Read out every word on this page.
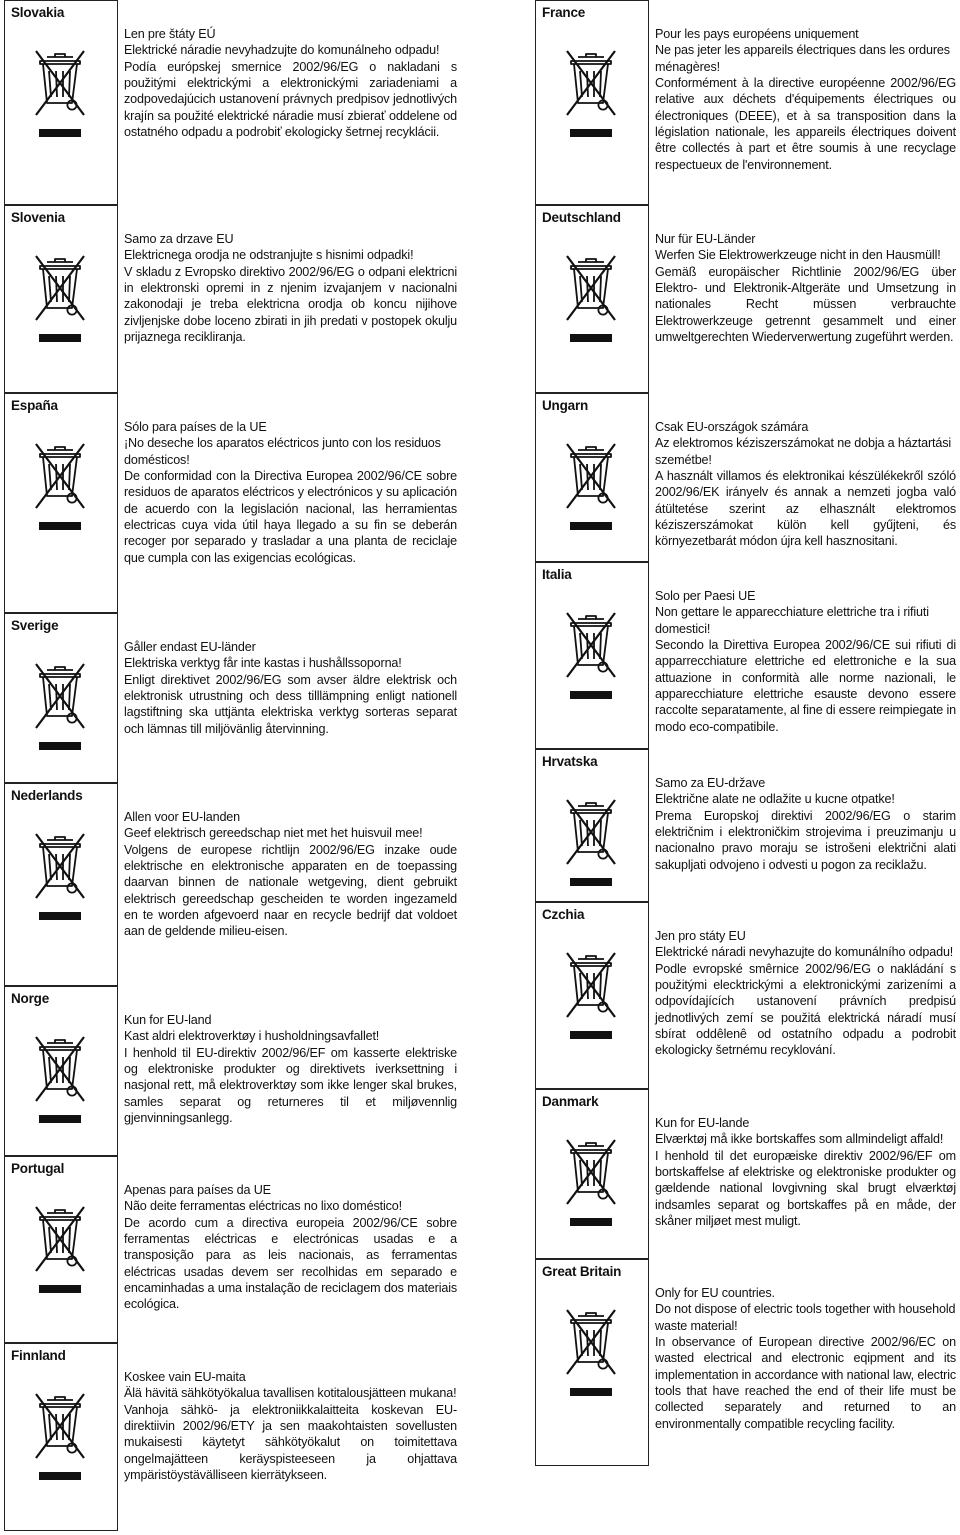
Slovakia
Len pre štáty EÚ
Elektrické náradie nevyhadzujte do komunálneho odpadu!
Podía európskej smernice 2002/96/EG o nakladani s použitými elektrickými a elektronickými zariadeniami a zodpovedajúcich ustanovení právnych predpisov jednotlivých krajín sa použité elektrické náradie musí zbierať oddelene od ostatného odpadu a podrobiť ekologicky šetrnej recyklácii.
Slovenia
Samo za drzave EU
Elektricnega orodja ne odstranjujte s hisnimi odpadki!
V skladu z Evropsko direktivo 2002/96/EG o odpani elektricni in elektronski opremi in z njenim izvajanjem v nacionalni zakonodaji je treba elektricna orodja ob koncu nijihove zivljenjske dobe loceno zbirati in jih predati v postopek okulju prijaznega recikliranja.
España
Sólo para países de la UE
¡No deseche los aparatos eléctricos junto con los residuos domésticos!
De conformidad con la Directiva Europea 2002/96/CE sobre residuos de aparatos eléctricos y electrónicos y su aplicación de acuerdo con la legislación nacional, las herramientas electricas cuya vida útil haya llegado a su fin se deberán recoger por separado y trasladar a una planta de reciclaje que cumpla con las exigencias ecológicas.
Sverige
Gåller endast EU-länder
Elektriska verktyg får inte kastas i hushållssoporna!
Enligt direktivet 2002/96/EG som avser äldre elektrisk och elektronisk utrustning och dess tilllämpning enligt nationell lagstiftning ska uttjänta elektriska verktyg sorteras separat och lämnas till miljövänlig återvinning.
Nederlands
Allen voor EU-landen
Geef elektrisch gereedschap niet met het huisvuil mee!
Volgens de europese richtlijn 2002/96/EG inzake oude elektrische en elektronische apparaten en de toepassing daarvan binnen de nationale wetgeving, dient gebruikt elektrisch gereedschap gescheiden te worden ingezameld en te worden afgevoerd naar en recycle bedrijf dat voldoet aan de geldende milieu-eisen.
Norge
Kun for EU-land
Kast aldri elektroverktøy i husholdningsavfallet!
I henhold til EU-direktiv 2002/96/EF om kasserte elektriske og elektroniske produkter og direktivets iverksettning i nasjonal rett, må elektroverktøy som ikke lenger skal brukes, samles separat og returneres til et miljøvennlig gjenvinningsanlegg.
Portugal
Apenas para países da UE
Não deite ferramentas eléctricas no lixo doméstico!
De acordo cum a directiva europeia 2002/96/CE sobre ferramentas eléctricas e electrónicas usadas e a transposição para as leis nacionais, as ferramentas eléctricas usadas devem ser recolhidas em separado e encaminhadas a uma instalação de reciclagem dos materiais ecológica.
Finnland
Koskee vain EU-maita
Älä hävitä sähkötyökalua tavallisen kotitalousjätteen mukana!
Vanhoja sähkö- ja elektroniikkalaitteita koskevan EU-direktiivin 2002/96/ETY ja sen maakohtaisten sovellusten mukaisesti käytetyt sähkötyökalut on toimitettava ongelmajätteen keräyspisteeseen ja ohjattava ympäristöystävälliseen kierrätykseen.
France
Pour les pays européens uniquement
Ne pas jeter les appareils électriques dans les ordures ménagères!
Conformément à la directive européenne 2002/96/EG relative aux déchets d'équipements électriques ou électroniques (DEEE), et à sa transposition dans la législation nationale, les appareils électriques doivent être collectés à part et être soumis à une recyclage respectueux de l'environnement.
Deutschland
Nur für EU-Länder
Werfen Sie Elektrowerkzeuge nicht in den Hausmüll!
Gemäß europäischer Richtlinie 2002/96/EG über Elektro- und Elektronik-Altgeräte und Umsetzung in nationales Recht müssen verbrauchte Elektrowerkzeuge getrennt gesammelt und einer umweltgerechten Wiederverwertung zugeführt werden.
Ungarn
Csak EU-országok számára
Az elektromos kéziszerszámokat ne dobja a háztartási szemétbe!
A használt villamos és elektronikai készülékekről szóló 2002/96/EK irányelv és annak a nemzeti jogba való átültetése szerint az elhasznált elektromos kéziszerszámokat külön kell gyűjteni, és környezetbarát módon újra kell hasznositani.
Italia
Solo per Paesi UE
Non gettare le apparecchiature elettriche tra i rifiuti domestici!
Secondo la Direttiva Europea 2002/96/CE sui rifiuti di apparrecchiature elettriche ed elettroniche e la sua attuazione in conformità alle norme nazionali, le apparecchiature elettriche esauste devono essere raccolte separatamente, al fine di essere reimpiegate in modo eco-compatibile.
Hrvatska
Samo za EU-države
Električne alate ne odlažite u kucne otpatke!
Prema Europskoj direktivi 2002/96/EG o starim električnim i elektroničkim strojevima i preuzimanju u nacionalno pravo moraju se istrošeni električni alati sakupljati odvojeno i odvesti u pogon za reciklažu.
Czchia
Jen pro státy EU
Elektrické náradi nevyhazujte do komunálního odpadu!
Podle evropské smêrnice 2002/96/EG o nakládání s použitými elecktrickými a elektronickými zarizeními a odpovídajících ustanovení právních predpisú jednotlivých zemí se použitá elektrická náradí musí sbírat oddêlenê od ostatního odpadu a podrobit ekologicky šetrnému recyklování.
Danmark
Kun for EU-lande
Elværktøj må ikke bortskaffes som allmindeligt affald!
I henhold til det europæiske direktiv 2002/96/EF om bortskaffelse af elektriske og elektroniske produkter og gældende national lovgivning skal brugt elværktøj indsamles separat og bortskaffes på en måde, der skåner miljøet mest muligt.
Great Britain
Only for EU countries.
Do not dispose of electric tools together with household waste material!
In observance of European directive 2002/96/EC on wasted electrical and electronic eqipment and its implementation in accordance with national law, electric tools that have reached the end of their life must be collected separately and returned to an environmentally compatible recycling facility.
